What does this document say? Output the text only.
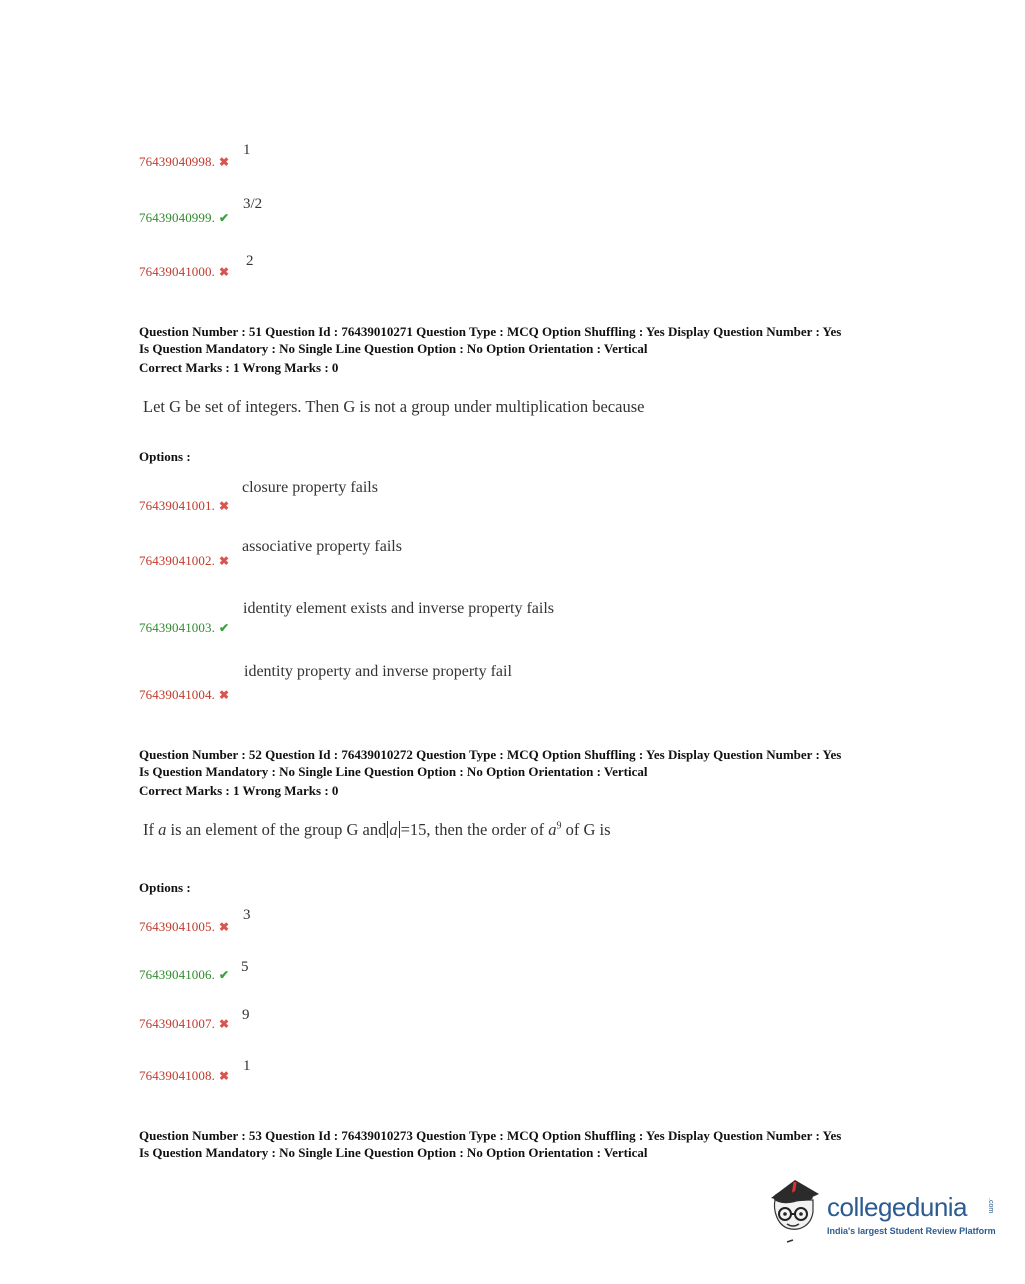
1
76439040998. ✖
3/2
76439040999. ✔
2
76439041000. ✖
Question Number : 51 Question Id : 76439010271 Question Type : MCQ Option Shuffling : Yes Display Question Number : Yes
Is Question Mandatory : No Single Line Question Option : No Option Orientation : Vertical
Correct Marks : 1 Wrong Marks : 0
Let G be set of integers. Then G is not a group under multiplication because
Options :
closure property fails
76439041001. ✖
associative property fails
76439041002. ✖
identity element exists and inverse property fails
76439041003. ✔
identity property and inverse property fail
76439041004. ✖
Question Number : 52 Question Id : 76439010272 Question Type : MCQ Option Shuffling : Yes Display Question Number : Yes
Is Question Mandatory : No Single Line Question Option : No Option Orientation : Vertical
Correct Marks : 1 Wrong Marks : 0
If a is an element of the group G and a =15, then the order of $a^9$ of G is
Options :
3
76439041005. ✖
5
76439041006. ✔
9
76439041007. ✖
1
76439041008. ✖
Question Number : 53 Question Id : 76439010273 Question Type : MCQ Option Shuffling : Yes Display Question Number : Yes
Is Question Mandatory : No Single Line Question Option : No Option Orientation : Vertical
collegedunia	.com
India's largest Student Review Platform
